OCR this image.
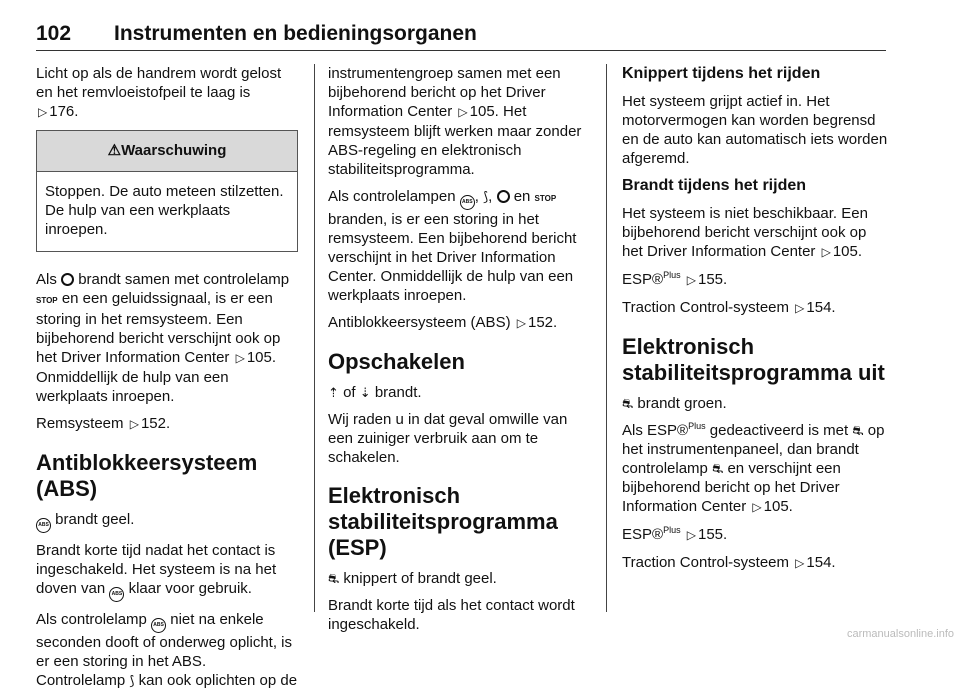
102 Instrumenten en bedieningsorganen

Licht op als de handrem wordt gelost en het remvloeistofpeil te laag is
▷ 176.

⚠Waarschuwing
Stoppen. De auto meteen stilzetten. De hulp van een werkplaats inroepen.

Als brandt samen met controlelamp STOP en een geluidssignaal, is er een storing in het remsysteem. Een bijbehorend bericht verschijnt ook op het Driver Information Center ▷ 105. Onmiddellijk de hulp van een werkplaats inroepen.

Remsysteem ▷ 152.

Antiblokkeersysteem (ABS)

ABS brandt geel.

Brandt korte tijd nadat het contact is ingeschakeld. Het systeem is na het doven van ABS klaar voor gebruik.

Als controlelamp ABS niet na enkele seconden dooft of onderweg oplicht, is er een storing in het ABS. Controlelamp ⟆ kan ook oplichten op de

instrumentengroep samen met een bijbehorend bericht op het Driver Information Center ▷ 105. Het remsysteem blijft werken maar zonder ABS-regeling en elektronisch stabiliteitsprogramma.

Als controlelampen ABS , ⟆,  en STOP branden, is er een storing in het remsysteem. Een bijbehorend bericht verschijnt in het Driver Information Center. Onmiddellijk de hulp van een werkplaats inroepen.

Antiblokkeersysteem (ABS) ▷ 152.

Opschakelen

⇡ of ⇣ brandt.

Wij raden u in dat geval omwille van een zuiniger verbruik aan om te schakelen.

Elektronisch stabiliteitsprogramma (ESP)

⛐ knippert of brandt geel.

Brandt korte tijd als het contact wordt ingeschakeld.

Knippert tijdens het rijden

Het systeem grijpt actief in. Het motorvermogen kan worden begrensd en de auto kan automatisch iets worden afgeremd.

Brandt tijdens het rijden

Het systeem is niet beschikbaar. Een bijbehorend bericht verschijnt ook op het Driver Information Center ▷ 105.

ESP®$^{Plus}$ ▷ 155.

Traction Control-systeem ▷ 154.

Elektronisch stabiliteitsprogramma uit

⛐ brandt groen.

Als ESP®$^{Plus}$ gedeactiveerd is met ⛐ op het instrumentenpaneel, dan brandt controlelamp ⛐ en verschijnt een bijbehorend bericht op het Driver Information Center ▷ 105.

ESP®$^{Plus}$ ▷ 155.

Traction Control-systeem ▷ 154.

carmanualsonline.info
